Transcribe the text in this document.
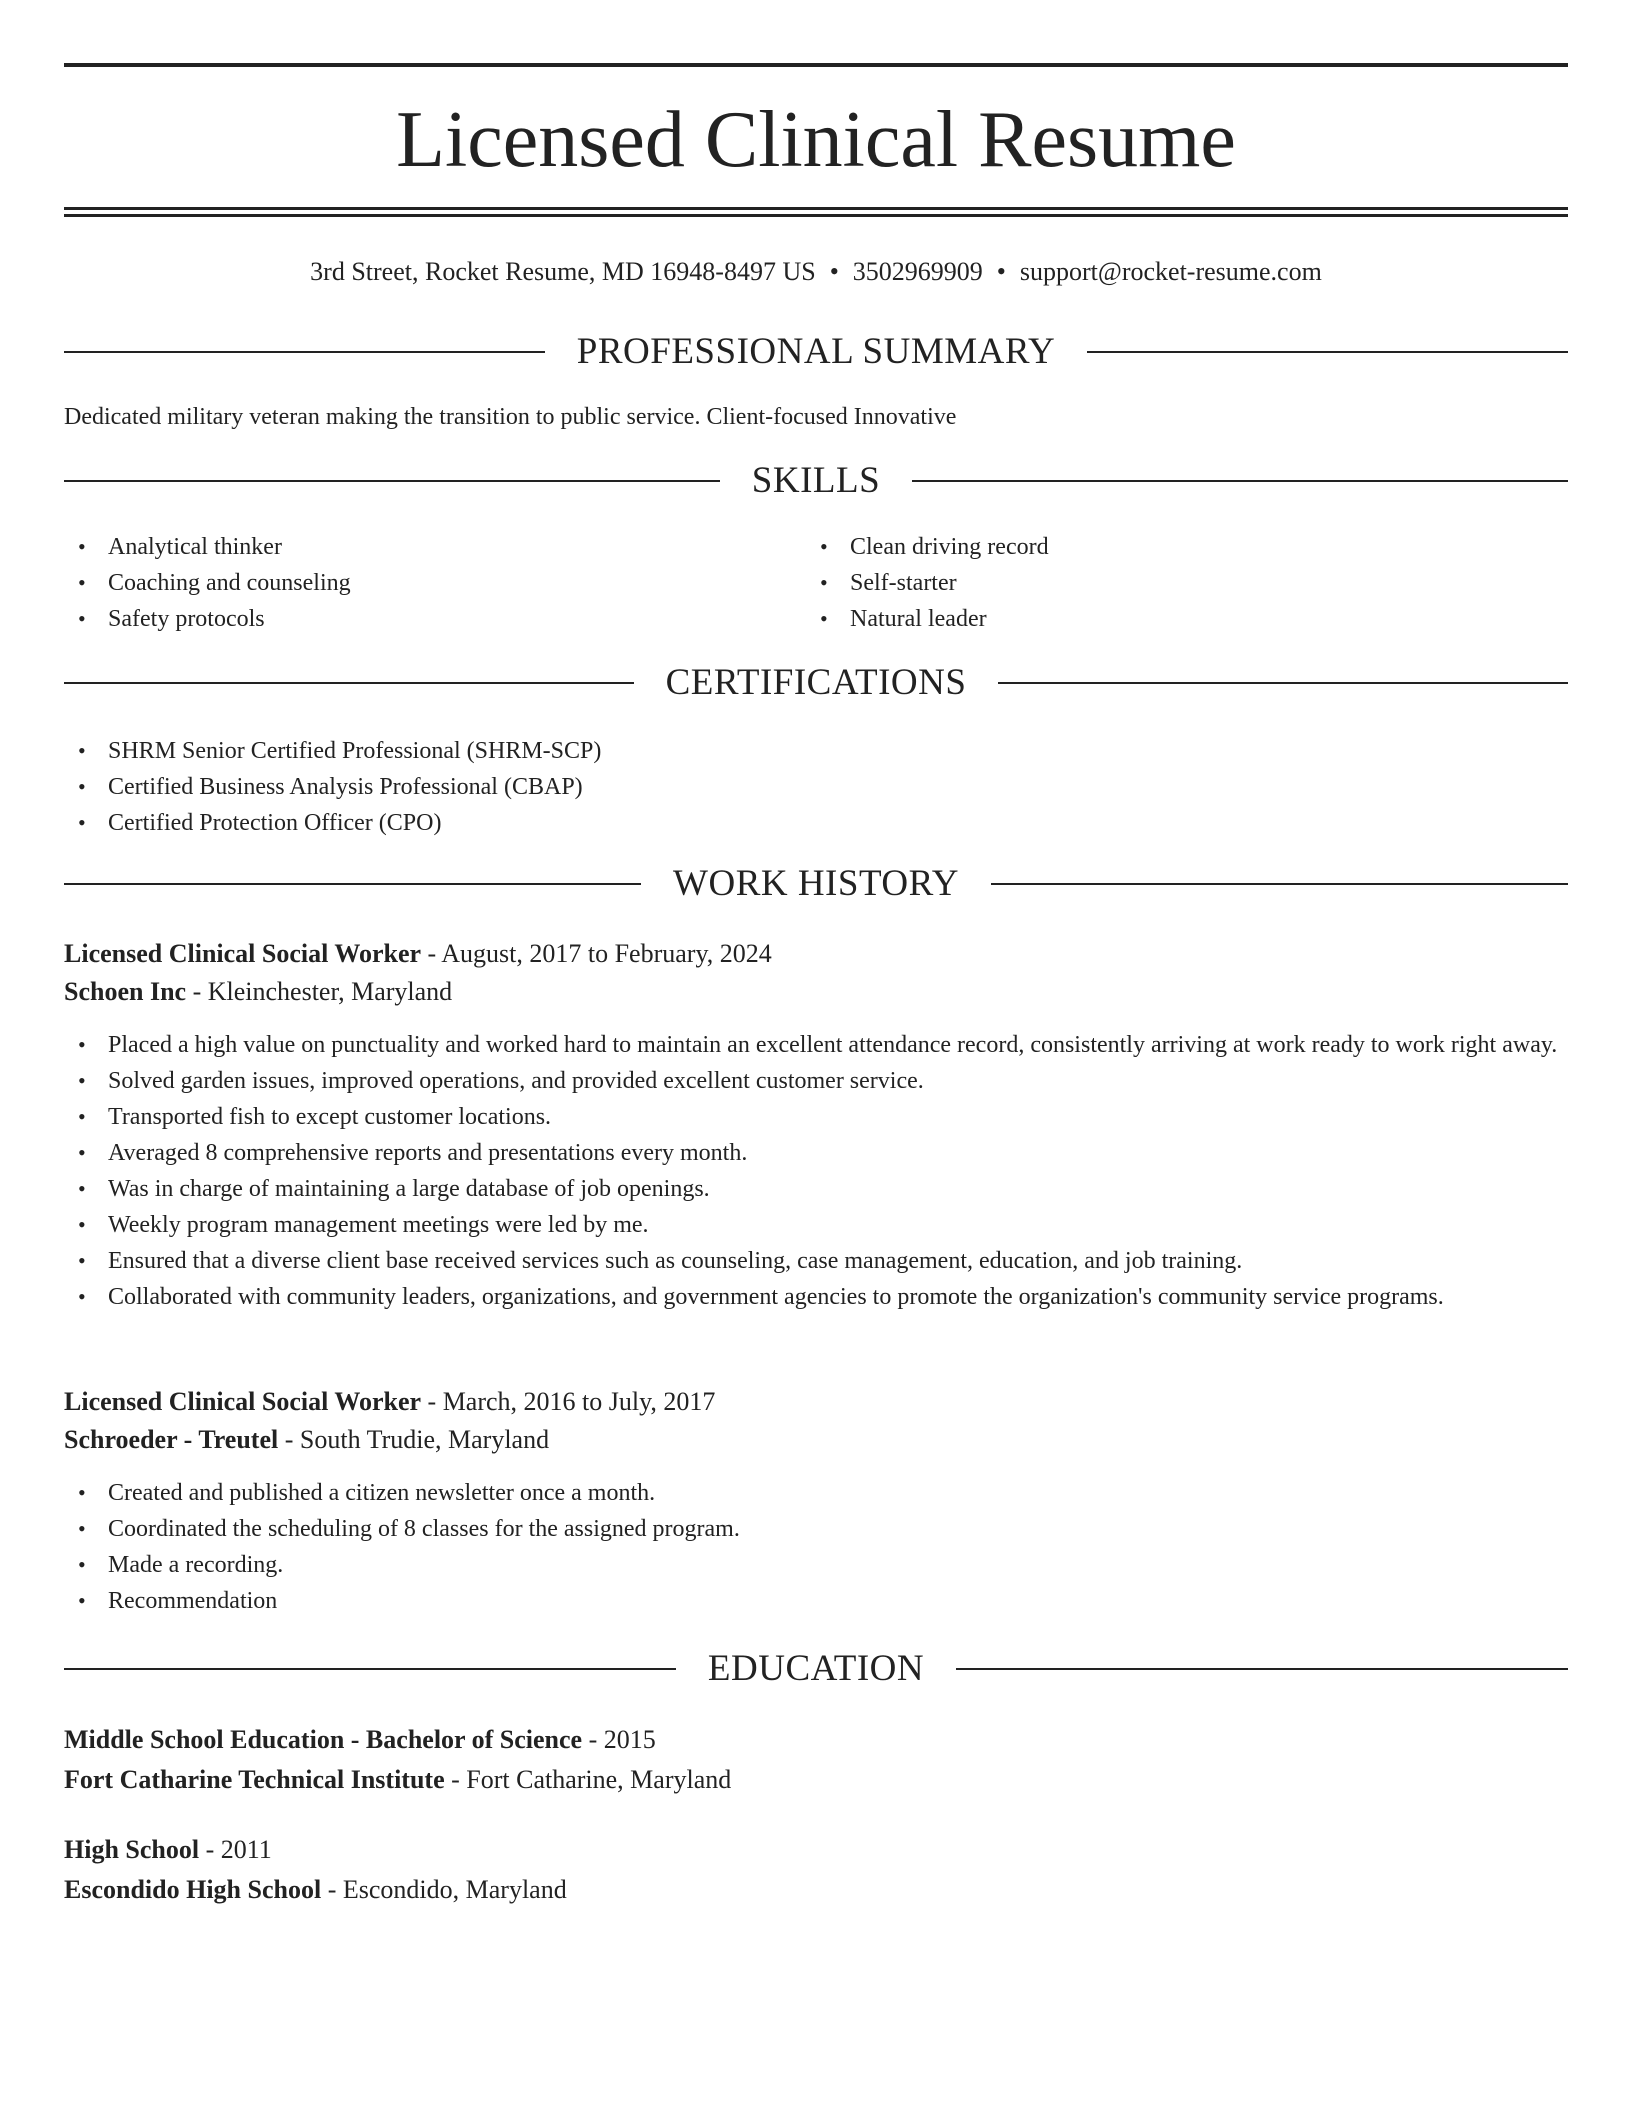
Licensed Clinical Resume
3rd Street, Rocket Resume, MD 16948-8497 US • 3502969909 • support@rocket-resume.com
PROFESSIONAL SUMMARY
Dedicated military veteran making the transition to public service. Client-focused Innovative
SKILLS
• Analytical thinker
• Coaching and counseling
• Safety protocols
• Clean driving record
• Self-starter
• Natural leader
CERTIFICATIONS
• SHRM Senior Certified Professional (SHRM-SCP)
• Certified Business Analysis Professional (CBAP)
• Certified Protection Officer (CPO)
WORK HISTORY
Licensed Clinical Social Worker - August, 2017 to February, 2024
Schoen Inc - Kleinchester, Maryland
• Placed a high value on punctuality and worked hard to maintain an excellent attendance record, consistently arriving at work ready to work right away.
• Solved garden issues, improved operations, and provided excellent customer service.
• Transported fish to except customer locations.
• Averaged 8 comprehensive reports and presentations every month.
• Was in charge of maintaining a large database of job openings.
• Weekly program management meetings were led by me.
• Ensured that a diverse client base received services such as counseling, case management, education, and job training.
• Collaborated with community leaders, organizations, and government agencies to promote the organization's community service programs.
Licensed Clinical Social Worker - March, 2016 to July, 2017
Schroeder - Treutel - South Trudie, Maryland
• Created and published a citizen newsletter once a month.
• Coordinated the scheduling of 8 classes for the assigned program.
• Made a recording.
• Recommendation
EDUCATION
Middle School Education - Bachelor of Science - 2015
Fort Catharine Technical Institute - Fort Catharine, Maryland
High School - 2011
Escondido High School - Escondido, Maryland
